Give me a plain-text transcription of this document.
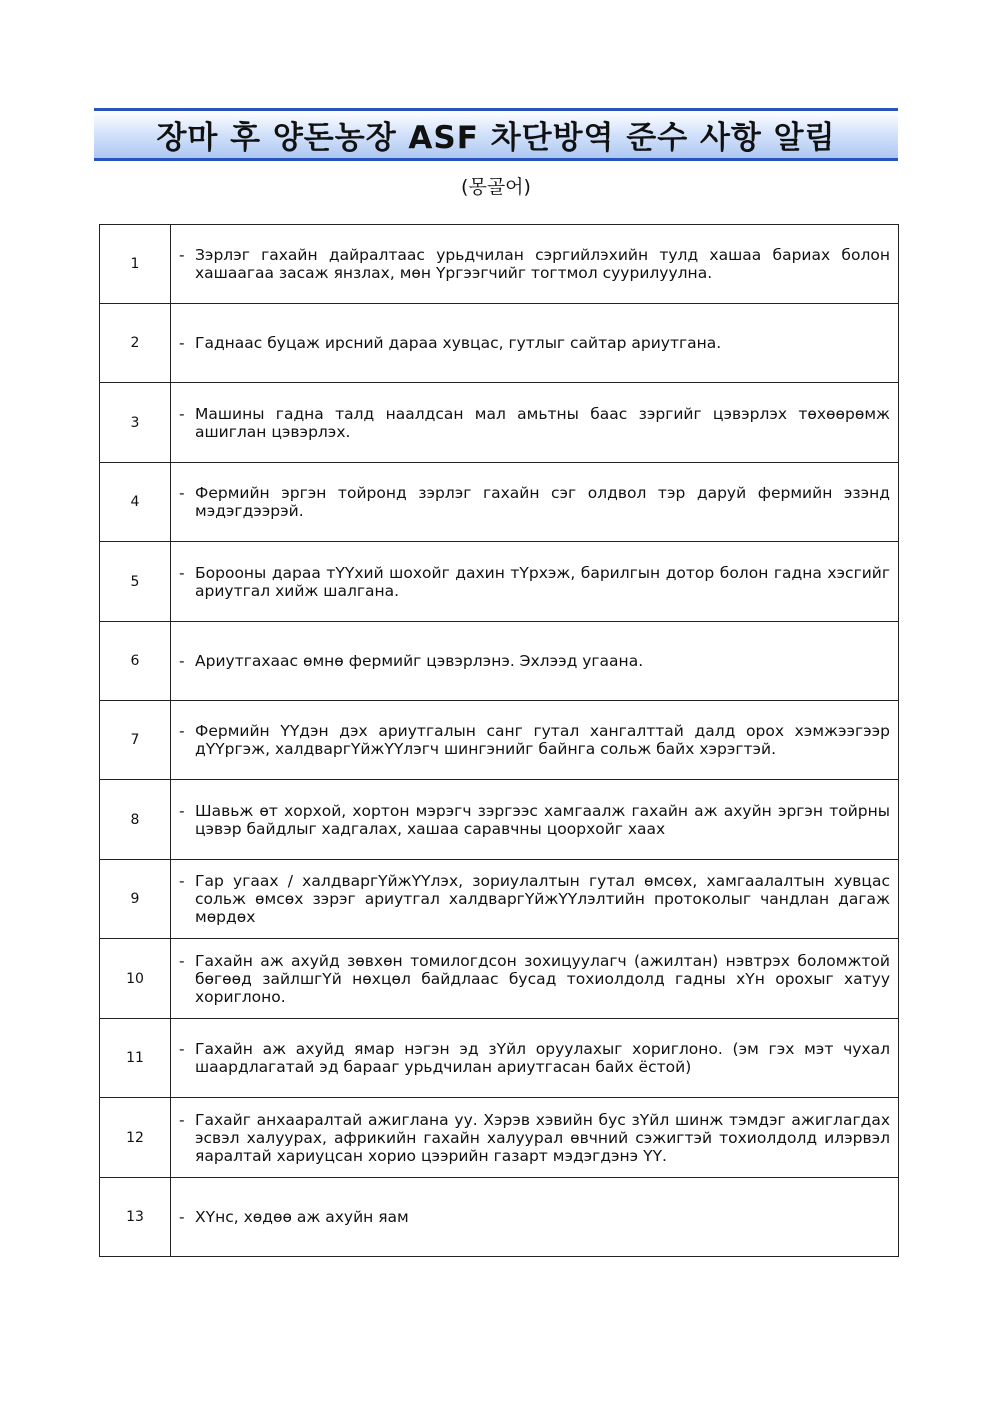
장마 후 양돈농장 ASF 차단방역 준수 사항 알림
(몽골어)
1	- Зэрлэг гахайн дайралтаас урьдчилан сэргийлэхийн тулд хашаа бариах болон хашаагаа засаж янзлах, мөн Үргээгчийг тогтмол суурилуулна.

2	- Гаднаас буцаж ирсний дараа хувцас, гутлыг сайтар ариутгана.

3	- Машины гадна талд наалдсан мал амьтны баас зэргийг цэвэрлэх төхөөрөмж ашиглан цэвэрлэх.

4	- Фермийн эргэн тойронд зэрлэг гахайн сэг олдвол тэр даруй фермийн эзэнд мэдэгдээрэй.

5	- Бороoны дараа тҮҮхий шохойг дахин тҮрхэж, барилгын дотор болон гадна хэсгийг ариутгал хийж шалгана.

6	- Ариутгахаас өмнө фермийг цэвэрлэнэ. Эхлээд угаана.

7	- Фермийн ҮҮдэн дэх ариутгалын санг гутал хангалттай далд орох хэмжээгээр дҮҮргэж, халдваргҮйжҮҮлэгч шингэнийг байнга сольж байх хэрэгтэй.

8	- Шавьж өт хорхой, хортон мэрэгч зэргээс хамгаалж гахайн аж ахуйн эргэн тойрны цэвэр байдлыг хадгалах, хашаа саравчны цоорхойг хаах

9	- Гар угаах / халдваргҮйжҮҮлэх, зориулалтын гутал өмсөх, хамгаалалтын хувцас сольж өмсөх зэрэг ариутгал халдваргҮйжҮҮлэлтийн протоколыг чандлан дагаж мөрдөх

10	- Гахайн аж ахуйд зөвхөн томилогдсон зохицуулагч (ажилтан) нэвтрэх боломжтой бөгөөд зайлшгҮй нөхцөл байдлаас бусад тохиолдолд гадны хҮн орохыг хатуу хориглоно.

11	- Гахайн аж ахуйд ямар нэгэн эд зҮйл оруулахыг хориглоно. (эм гэх мэт чухал шаардлагатай эд барааг урьдчилан ариутгасан байх ёстой)

12	- Гахайг анхааралтай ажиглана уу. Хэрэв хэвийн бус зҮйл шинж тэмдэг ажиглагдах эсвэл халуурах, африкийн гахайн халуурал өвчний сэжигтэй тохиолдолд илэрвэл яаралтай хариуцсан хорио цээрийн газарт мэдэгдэнэ ҮҮ.

13	- ХҮнс, хөдөө аж ахуйн яам
